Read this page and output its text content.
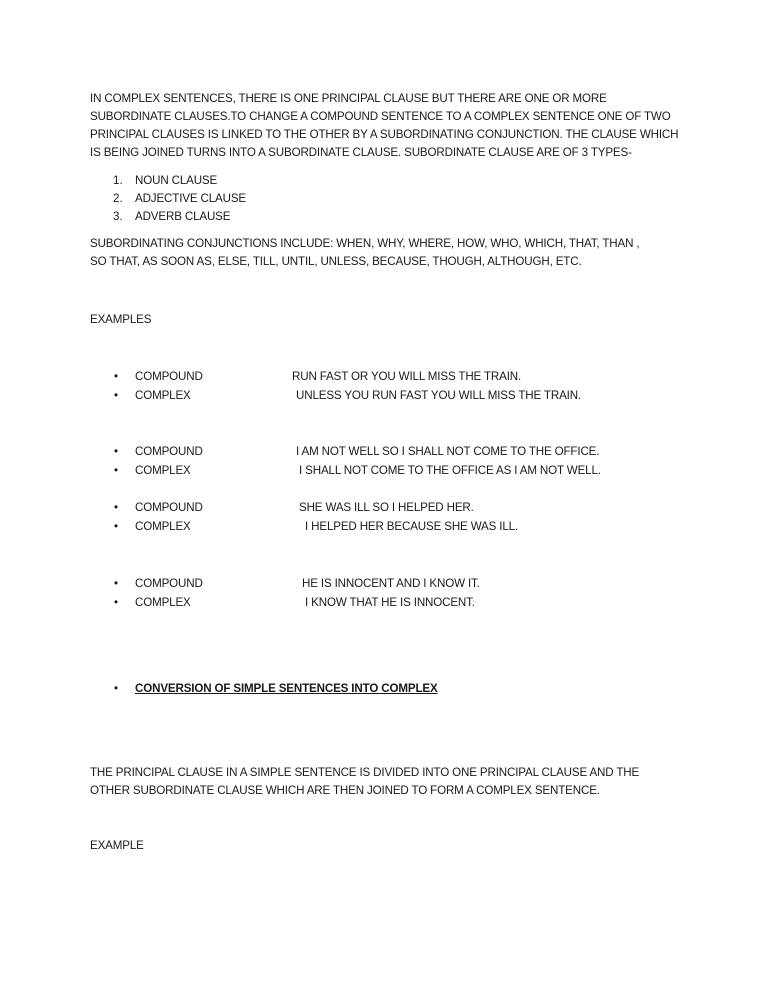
IN COMPLEX SENTENCES, THERE IS ONE PRINCIPAL CLAUSE BUT THERE ARE ONE OR MORE
SUBORDINATE CLAUSES.TO CHANGE A COMPOUND SENTENCE TO A COMPLEX SENTENCE ONE OF TWO
PRINCIPAL CLAUSES IS LINKED TO THE OTHER BY A SUBORDINATING CONJUNCTION. THE CLAUSE WHICH
IS BEING JOINED TURNS INTO A SUBORDINATE CLAUSE. SUBORDINATE CLAUSE ARE OF 3 TYPES-
1. NOUN CLAUSE
2. ADJECTIVE CLAUSE
3. ADVERB CLAUSE
SUBORDINATING CONJUNCTIONS INCLUDE: WHEN, WHY, WHERE, HOW, WHO, WHICH, THAT, THAN ,
SO THAT, AS SOON AS, ELSE, TILL, UNTIL, UNLESS, BECAUSE, THOUGH, ALTHOUGH, ETC.
EXAMPLES
• COMPOUND	RUN FAST OR YOU WILL MISS THE TRAIN.
• COMPLEX	UNLESS YOU RUN FAST YOU WILL MISS THE TRAIN.
• COMPOUND	I AM NOT WELL SO I SHALL NOT COME TO THE OFFICE.
• COMPLEX	I SHALL NOT COME TO THE OFFICE AS I AM NOT WELL.
• COMPOUND	SHE WAS ILL SO I HELPED HER.
• COMPLEX	I HELPED HER BECAUSE SHE WAS ILL.
• COMPOUND	HE IS INNOCENT AND I KNOW IT.
• COMPLEX	I KNOW THAT HE IS INNOCENT.
• CONVERSION OF SIMPLE SENTENCES INTO COMPLEX
THE PRINCIPAL CLAUSE IN A SIMPLE SENTENCE IS DIVIDED INTO ONE PRINCIPAL CLAUSE AND THE
OTHER SUBORDINATE CLAUSE WHICH ARE THEN JOINED TO FORM A COMPLEX SENTENCE.
EXAMPLE
